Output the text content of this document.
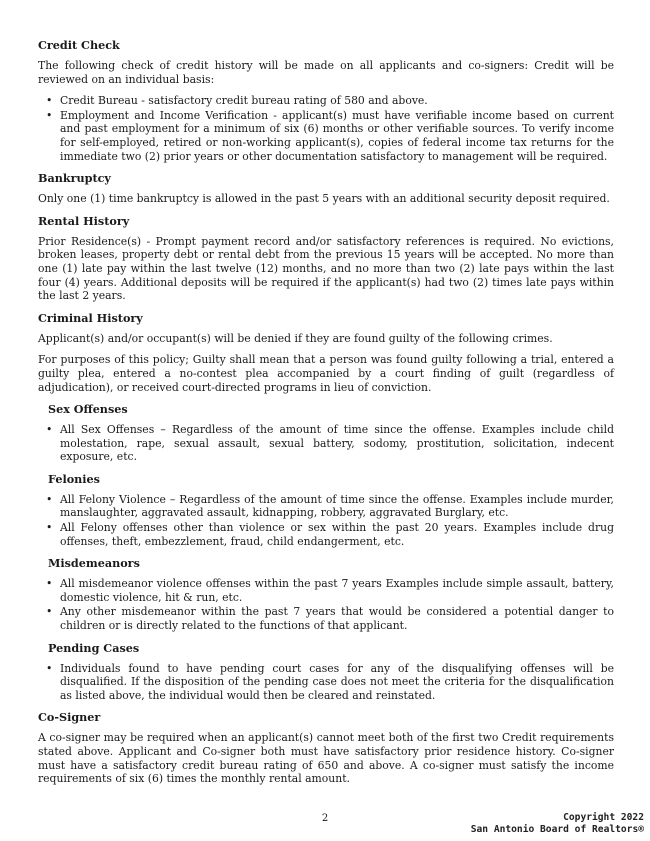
Credit Check
The following check of credit history will be made on all applicants and co-signers: Credit will be reviewed on an individual basis:
• Credit Bureau - satisfactory credit bureau rating of 580 and above.
• Employment and Income Verification - applicant(s) must have verifiable income based on current and past employment for a minimum of six (6) months or other verifiable sources. To verify income for self-employed, retired or non-working applicant(s), copies of federal income tax returns for the immediate two (2) prior years or other documentation satisfactory to management will be required.
Bankruptcy
Only one (1) time bankruptcy is allowed in the past 5 years with an additional security deposit required.
Rental History
Prior Residence(s) - Prompt payment record and/or satisfactory references is required. No evictions, broken leases, property debt or rental debt from the previous 15 years will be accepted. No more than one (1) late pay within the last twelve (12) months, and no more than two (2) late pays within the last four (4) years. Additional deposits will be required if the applicant(s) had two (2) times late pays within the last 2 years.
Criminal History
Applicant(s) and/or occupant(s) will be denied if they are found guilty of the following crimes.
For purposes of this policy; Guilty shall mean that a person was found guilty following a trial, entered a guilty plea, entered a no-contest plea accompanied by a court finding of guilt (regardless of adjudication), or received court-directed programs in lieu of conviction.
Sex Offenses
• All Sex Offenses – Regardless of the amount of time since the offense. Examples include child molestation, rape, sexual assault, sexual battery, sodomy, prostitution, solicitation, indecent exposure, etc.
Felonies
• All Felony Violence – Regardless of the amount of time since the offense. Examples include murder, manslaughter, aggravated assault, kidnapping, robbery, aggravated Burglary, etc.
• All Felony offenses other than violence or sex within the past 20 years. Examples include drug offenses, theft, embezzlement, fraud, child endangerment, etc.
Misdemeanors
• All misdemeanor violence offenses within the past 7 years Examples include simple assault, battery, domestic violence, hit & run, etc.
• Any other misdemeanor within the past 7 years that would be considered a potential danger to children or is directly related to the functions of that applicant.
Pending Cases
• Individuals found to have pending court cases for any of the disqualifying offenses will be disqualified. If the disposition of the pending case does not meet the criteria for the disqualification as listed above, the individual would then be cleared and reinstated.
Co-Signer
A co-signer may be required when an applicant(s) cannot meet both of the first two Credit requirements stated above. Applicant and Co-signer both must have satisfactory prior residence history. Co-signer must have a satisfactory credit bureau rating of 650 and above. A co-signer must satisfy the income requirements of six (6) times the monthly rental amount.
2	Copyright 2022
San Antonio Board of Realtors®
